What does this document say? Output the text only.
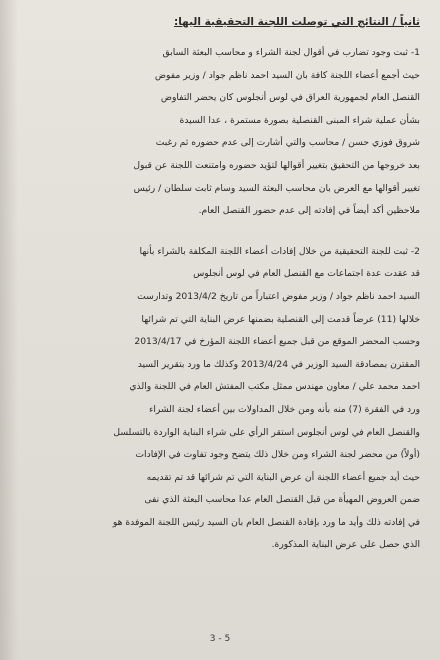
ثانياً / النتائج التي توصلت اللجنة التحقيقية اليها:
1- ثبت وجود تضارب في أقوال لجنة الشراء و محاسب البعثة السابق
حيث أجمع أعضاء اللجنة كافة بان السيد احمد ناظم جواد / وزير مفوض
القنصل العام لجمهورية العراق في لوس أنجلوس كان يحضر التفاوض
بشأن عملية شراء المبنى القنصلية بصورة مستمرة ، عدا السيدة
شروق فوزي حسن / محاسب والتي أشارت إلى عدم حضوره ثم رغبت
بعد خروجها من التحقيق بتغيير أقوالها لتؤيد حضوره وامتنعت اللجنة عن قبول
تغيير أقوالها مع العرض بان محاسب البعثة السيد وسام ثابت سلطان / رئيس
ملاحظين أكد أيضاً في إفادته إلى عدم حضور القنصل العام.
2- ثبت للجنة التحقيقية من خلال إفادات أعضاء اللجنة المكلفة بالشراء بأنها
قد عقدت عدة اجتماعات مع القنصل العام في لوس أنجلوس
السيد احمد ناظم جواد / وزير مفوض اعتباراً من تاريخ 2013/4/2 وتدارست
خلالها (11) عرضاً قدمت إلى القنصلية بضمنها عرض البناية التي تم شرائها
وحسب المحضر الموقع من قبل جميع أعضاء اللجنة المؤرخ في 2013/4/17
المقترن بمصادقة السيد الوزير في 2013/4/24 وكذلك ما ورد بتقرير السيد
احمد محمد علي / معاون مهندس ممثل مكتب المفتش العام في اللجنة والذي
ورد في الفقرة (7) منه بأنه ومن خلال المداولات بين أعضاء لجنة الشراء
والقنصل العام في لوس أنجلوس استقر الرأي على شراء البناية الواردة بالتسلسل
(أولاً) من محضر لجنة الشراء ومن خلال ذلك يتضح وجود تفاوت في الإفادات
حيث أيد جميع أعضاء اللجنة أن عرض البناية التي تم شرائها قد تم تقديمه
ضمن العروض المهيأة من قبل القنصل العام عدا محاسب البعثة الذي نفى
في إفادته ذلك وأيد ما ورد بإفادة القنصل العام بان السيد رئيس اللجنة الموفدة هو
الذي حصل على عرض البناية المذكورة.
3 - 5
